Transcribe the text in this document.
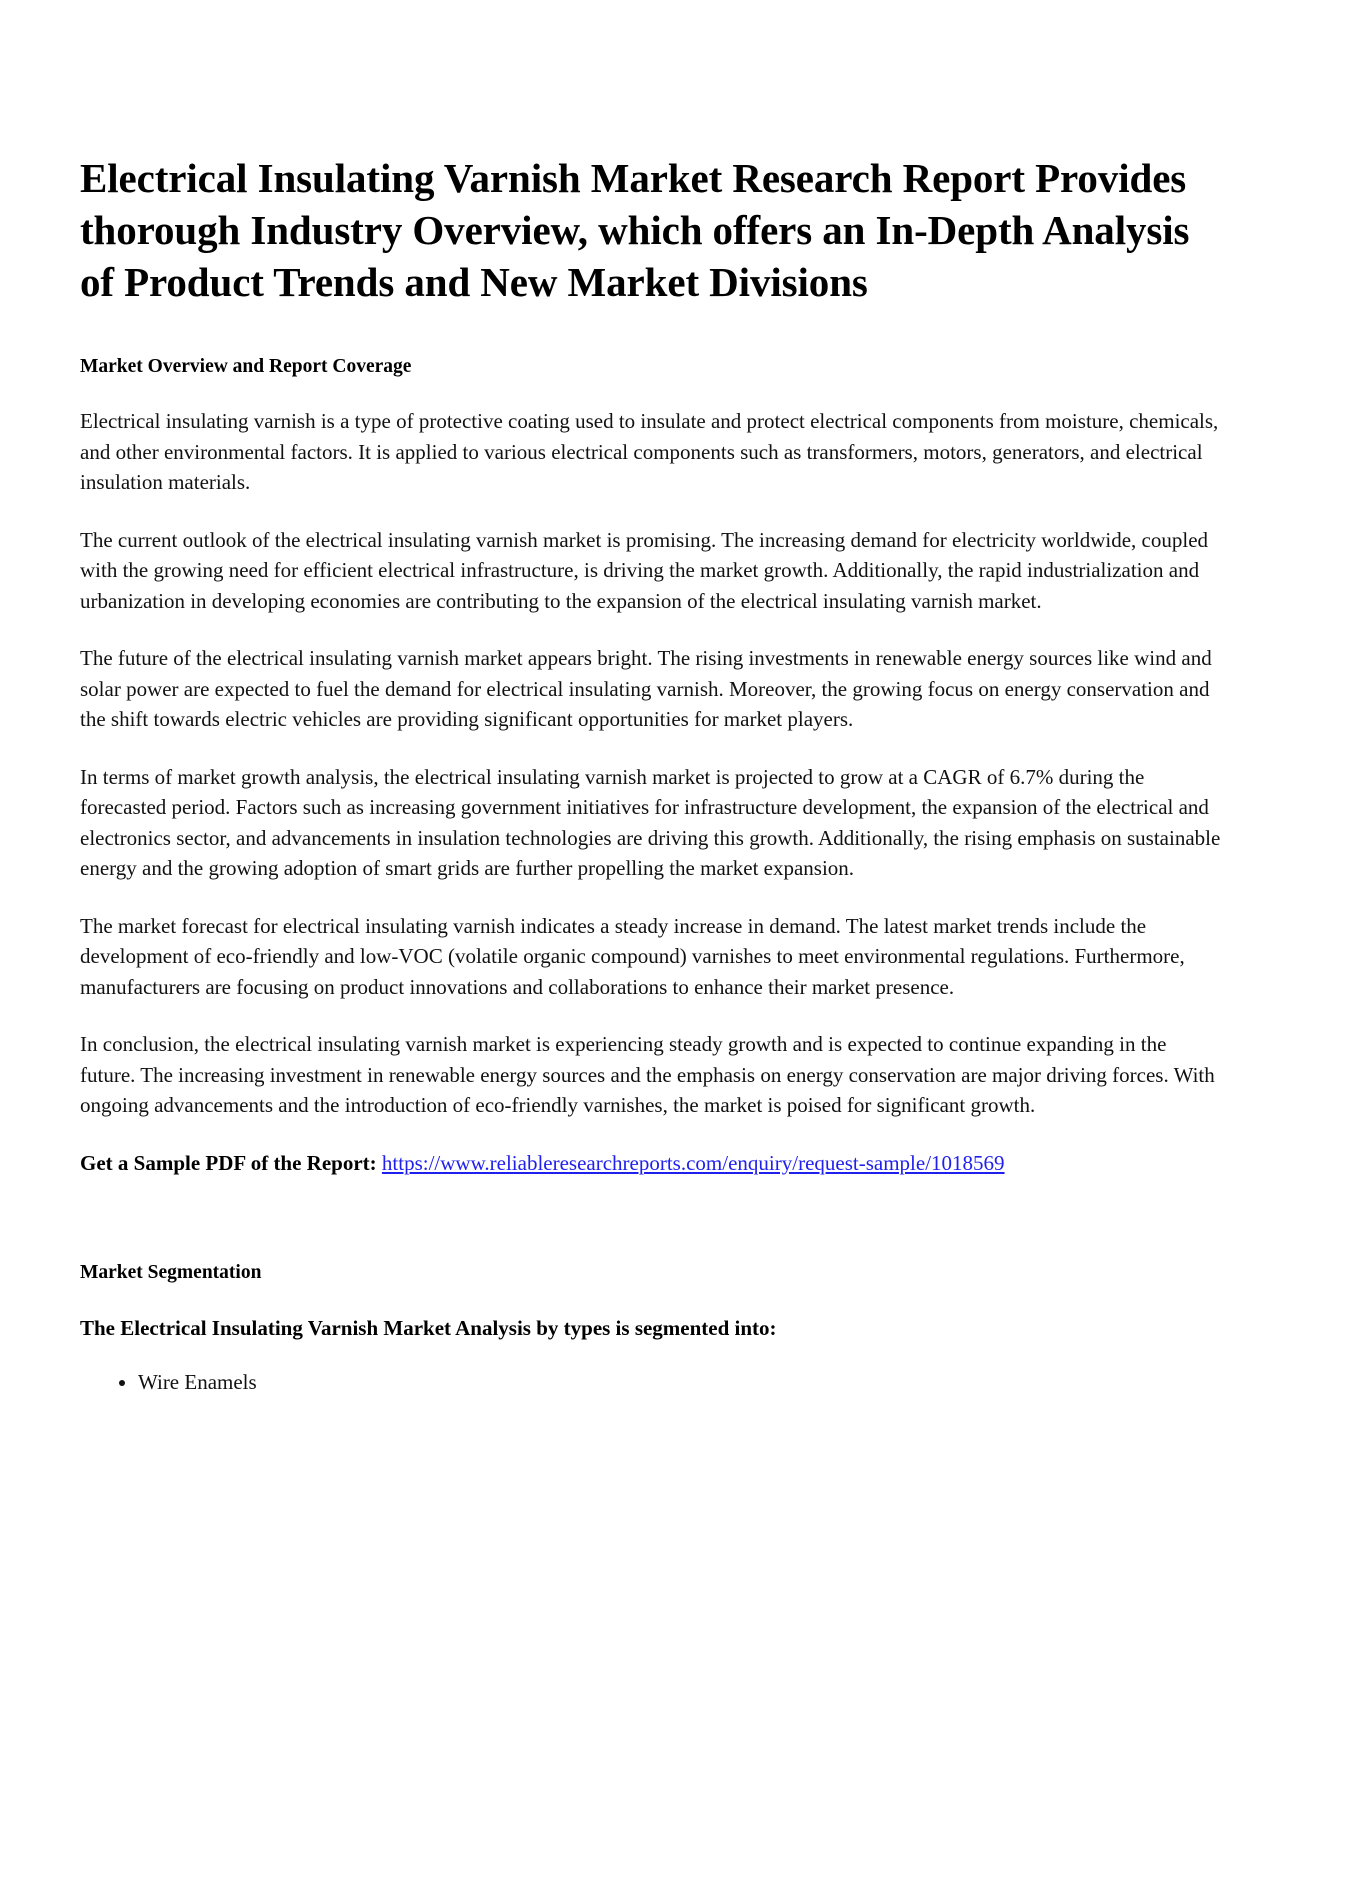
Electrical Insulating Varnish Market Research Report Provides thorough Industry Overview, which offers an In-Depth Analysis of Product Trends and New Market Divisions
Market Overview and Report Coverage

Electrical insulating varnish is a type of protective coating used to insulate and protect electrical components from moisture, chemicals, and other environmental factors. It is applied to various electrical components such as transformers, motors, generators, and electrical insulation materials.

The current outlook of the electrical insulating varnish market is promising. The increasing demand for electricity worldwide, coupled with the growing need for efficient electrical infrastructure, is driving the market growth. Additionally, the rapid industrialization and urbanization in developing economies are contributing to the expansion of the electrical insulating varnish market.

The future of the electrical insulating varnish market appears bright. The rising investments in renewable energy sources like wind and solar power are expected to fuel the demand for electrical insulating varnish. Moreover, the growing focus on energy conservation and the shift towards electric vehicles are providing significant opportunities for market players.

In terms of market growth analysis, the electrical insulating varnish market is projected to grow at a CAGR of 6.7% during the forecasted period. Factors such as increasing government initiatives for infrastructure development, the expansion of the electrical and electronics sector, and advancements in insulation technologies are driving this growth. Additionally, the rising emphasis on sustainable energy and the growing adoption of smart grids are further propelling the market expansion.

The market forecast for electrical insulating varnish indicates a steady increase in demand. The latest market trends include the development of eco-friendly and low-VOC (volatile organic compound) varnishes to meet environmental regulations. Furthermore, manufacturers are focusing on product innovations and collaborations to enhance their market presence.

In conclusion, the electrical insulating varnish market is experiencing steady growth and is expected to continue expanding in the future. The increasing investment in renewable energy sources and the emphasis on energy conservation are major driving forces. With ongoing advancements and the introduction of eco-friendly varnishes, the market is poised for significant growth.

Get a Sample PDF of the Report: https://www.reliableresearchreports.com/enquiry/request-sample/1018569

Market Segmentation

The Electrical Insulating Varnish Market Analysis by types is segmented into:

• Wire Enamels
